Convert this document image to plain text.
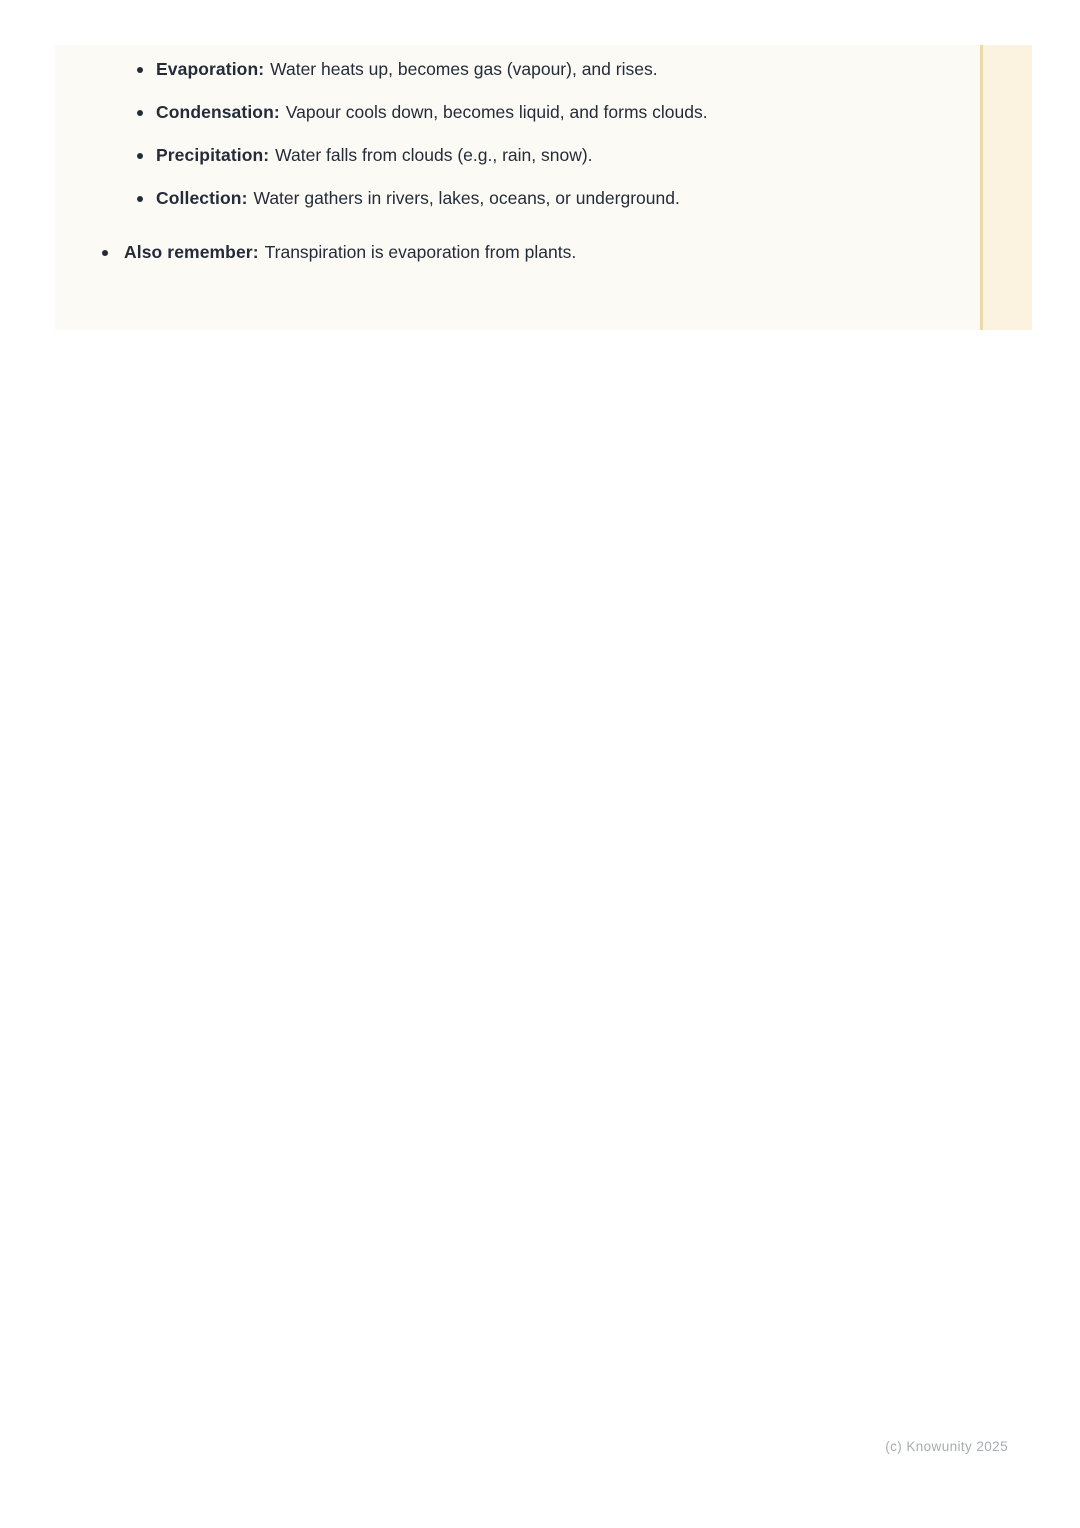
Evaporation: Water heats up, becomes gas (vapour), and rises.
Condensation: Vapour cools down, becomes liquid, and forms clouds.
Precipitation: Water falls from clouds (e.g., rain, snow).
Collection: Water gathers in rivers, lakes, oceans, or underground.
Also remember: Transpiration is evaporation from plants.
(c) Knowunity 2025
